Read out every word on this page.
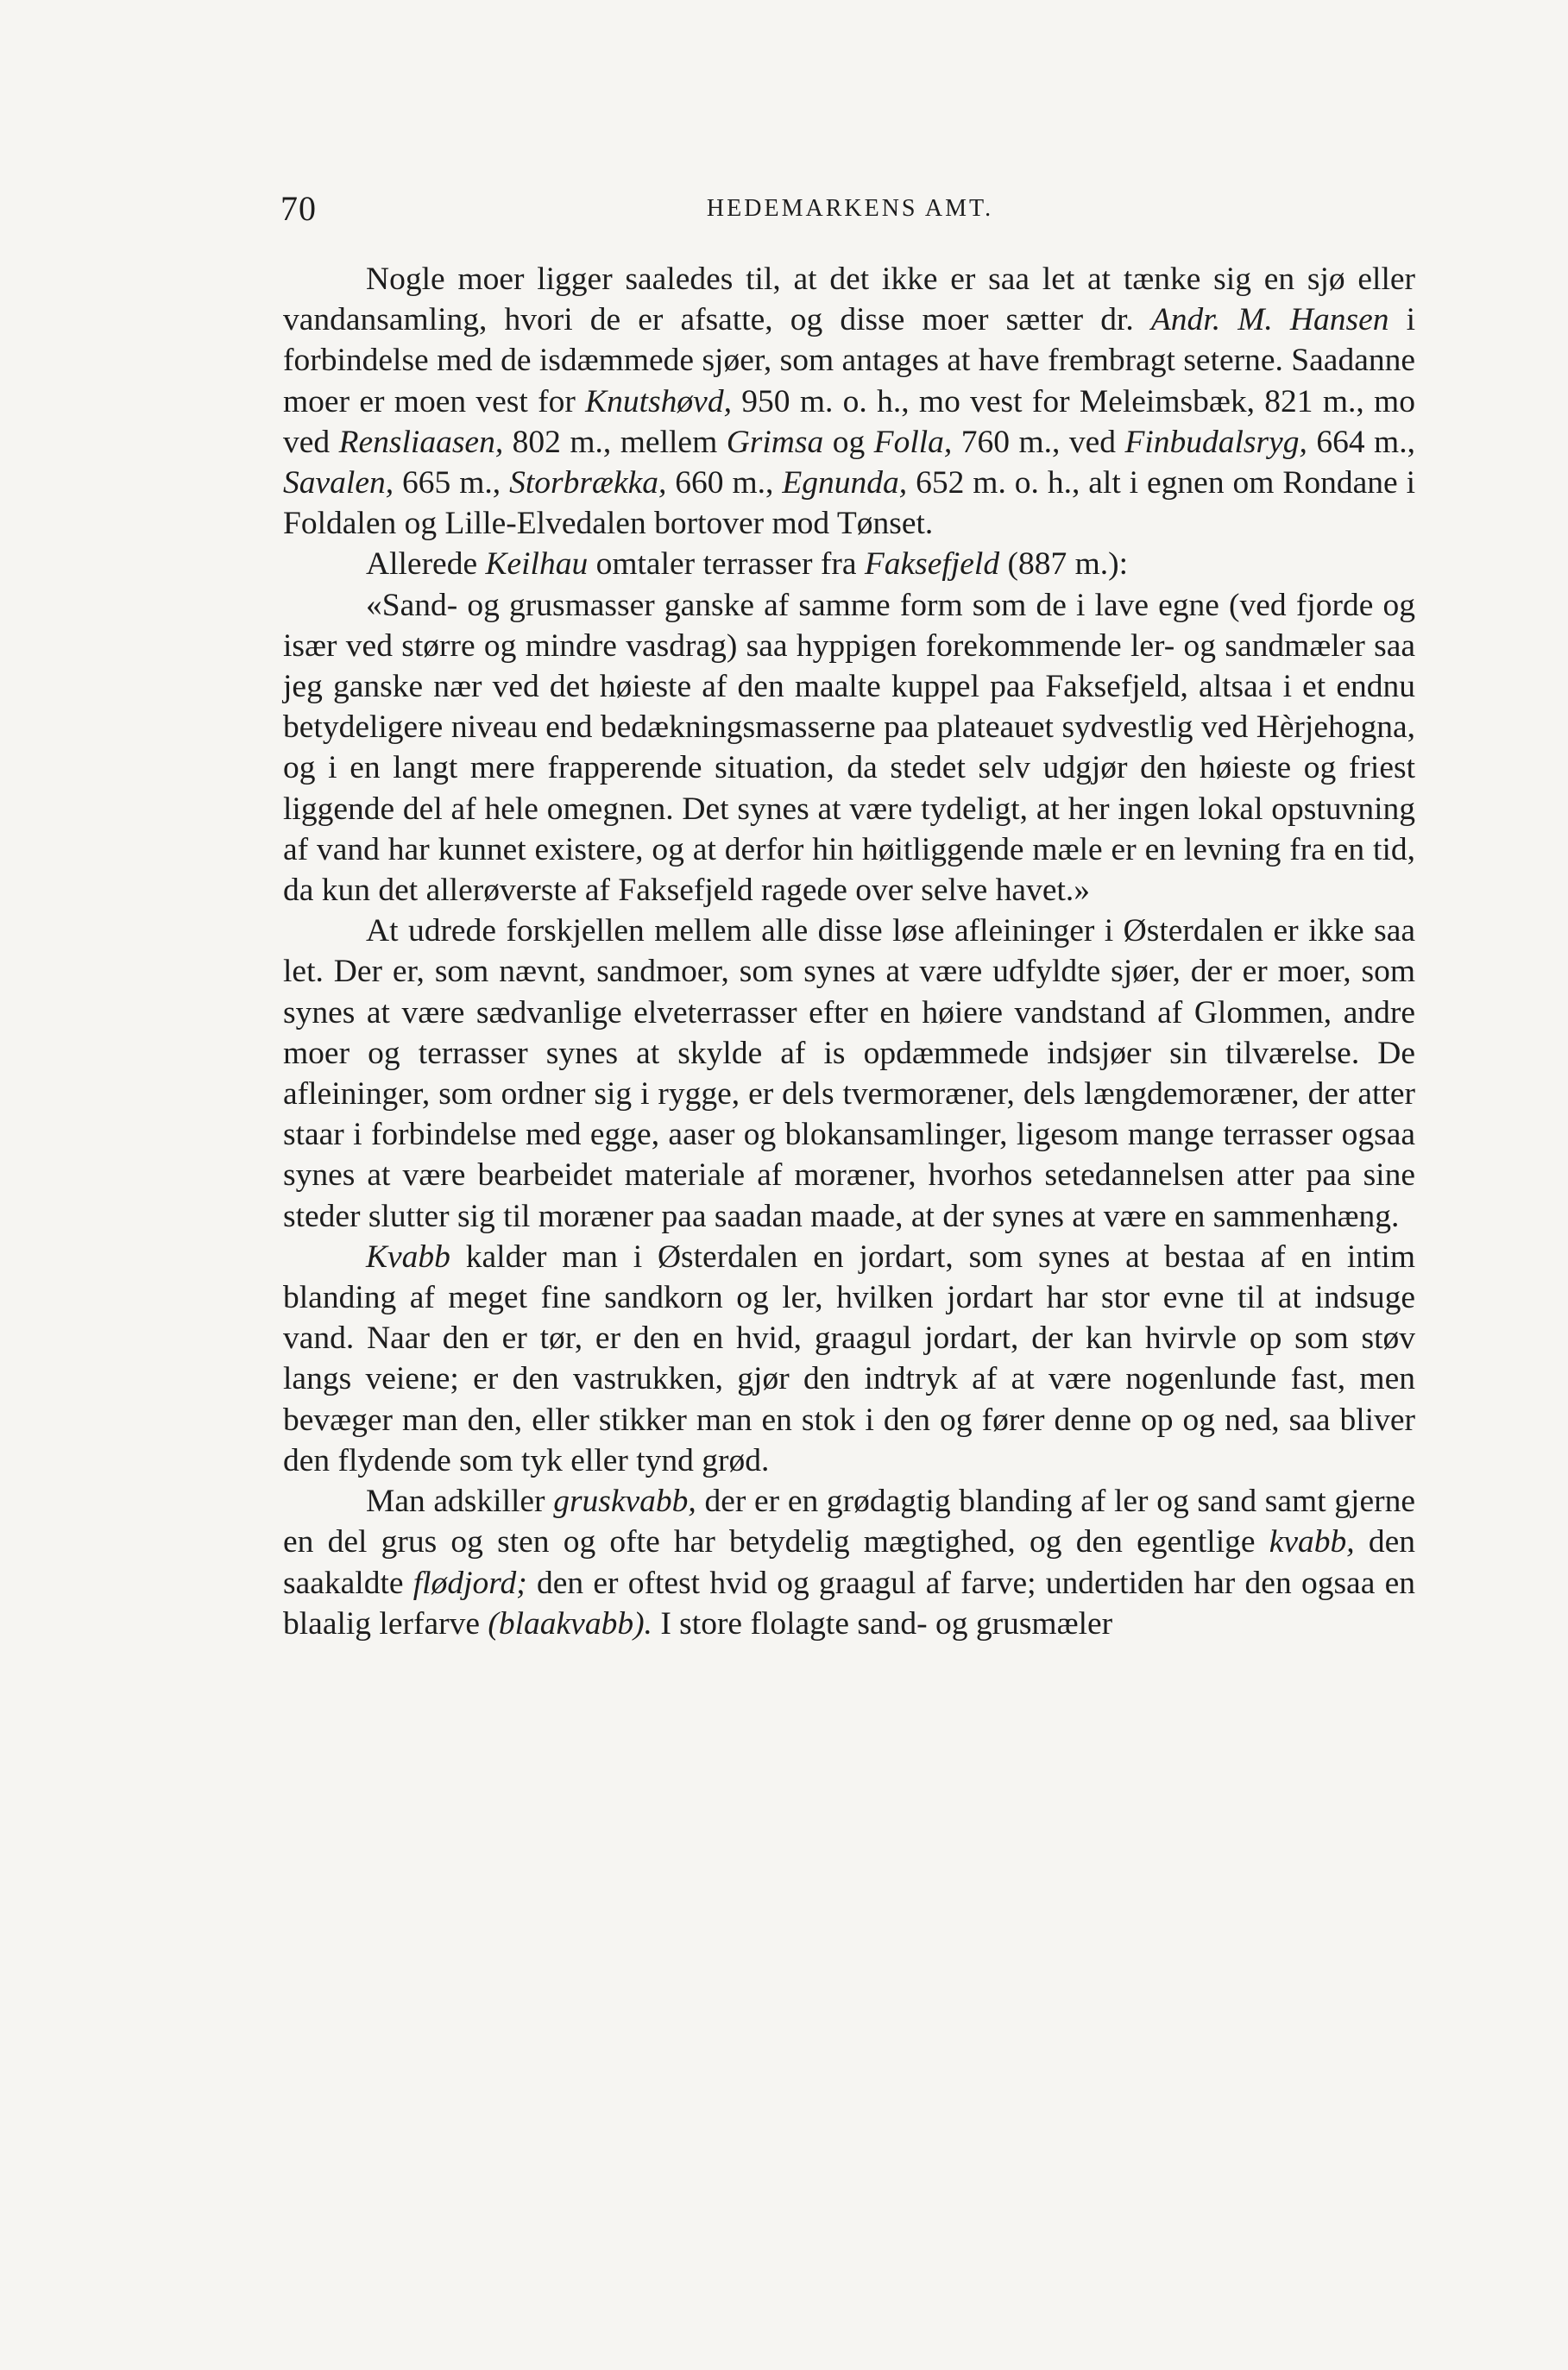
70	HEDEMARKENS AMT.

Nogle moer ligger saaledes til, at det ikke er saa let at tænke sig en sjø eller vandansamling, hvori de er afsatte, og disse moer sætter dr. Andr. M. Hansen i forbindelse med de isdæmmede sjøer, som antages at have frembragt seterne. Saadanne moer er moen vest for Knutshøvd, 950 m. o. h., mo vest for Meleimsbæk, 821 m., mo ved Rensliaasen, 802 m., mellem Grimsa og Folla, 760 m., ved Finbudalsryg, 664 m., Savalen, 665 m., Storbrækka, 660 m., Egnunda, 652 m. o. h., alt i egnen om Rondane i Foldalen og Lille-Elvedalen bortover mod Tønset.

Allerede Keilhau omtaler terrasser fra Faksefjeld (887 m.):

«Sand- og grusmasser ganske af samme form som de i lave egne (ved fjorde og især ved større og mindre vasdrag) saa hyppigen forekommende ler- og sandmæler saa jeg ganske nær ved det høieste af den maalte kuppel paa Faksefjeld, altsaa i et endnu betydeligere niveau end bedækningsmasserne paa plateauet sydvestlig ved Hèrjehogna, og i en langt mere frapperende situation, da stedet selv udgjør den høieste og friest liggende del af hele omegnen. Det synes at være tydeligt, at her ingen lokal opstuvning af vand har kunnet existere, og at derfor hin høitliggende mæle er en levning fra en tid, da kun det allerøverste af Faksefjeld ragede over selve havet.»

At udrede forskjellen mellem alle disse løse afleininger i Østerdalen er ikke saa let. Der er, som nævnt, sandmoer, som synes at være udfyldte sjøer, der er moer, som synes at være sædvanlige elveterrasser efter en høiere vandstand af Glommen, andre moer og terrasser synes at skylde af is opdæmmede indsjøer sin tilværelse. De afleininger, som ordner sig i rygge, er dels tvermoræner, dels længdemoræner, der atter staar i forbindelse med egge, aaser og blokansamlinger, ligesom mange terrasser ogsaa synes at være bearbeidet materiale af moræner, hvorhos setedannelsen atter paa sine steder slutter sig til moræner paa saadan maade, at der synes at være en sammenhæng.

Kvabb kalder man i Østerdalen en jordart, som synes at bestaa af en intim blanding af meget fine sandkorn og ler, hvilken jordart har stor evne til at indsuge vand. Naar den er tør, er den en hvid, graagul jordart, der kan hvirvle op som støv langs veiene; er den vastrukken, gjør den indtryk af at være nogenlunde fast, men bevæger man den, eller stikker man en stok i den og fører denne op og ned, saa bliver den flydende som tyk eller tynd grød.

Man adskiller gruskvabb, der er en grødagtig blanding af ler og sand samt gjerne en del grus og sten og ofte har betydelig mægtighed, og den egentlige kvabb, den saakaldte flødjord; den er oftest hvid og graagul af farve; undertiden har den ogsaa en blaalig lerfarve (blaakvabb). I store flolagte sand- og grusmæler
